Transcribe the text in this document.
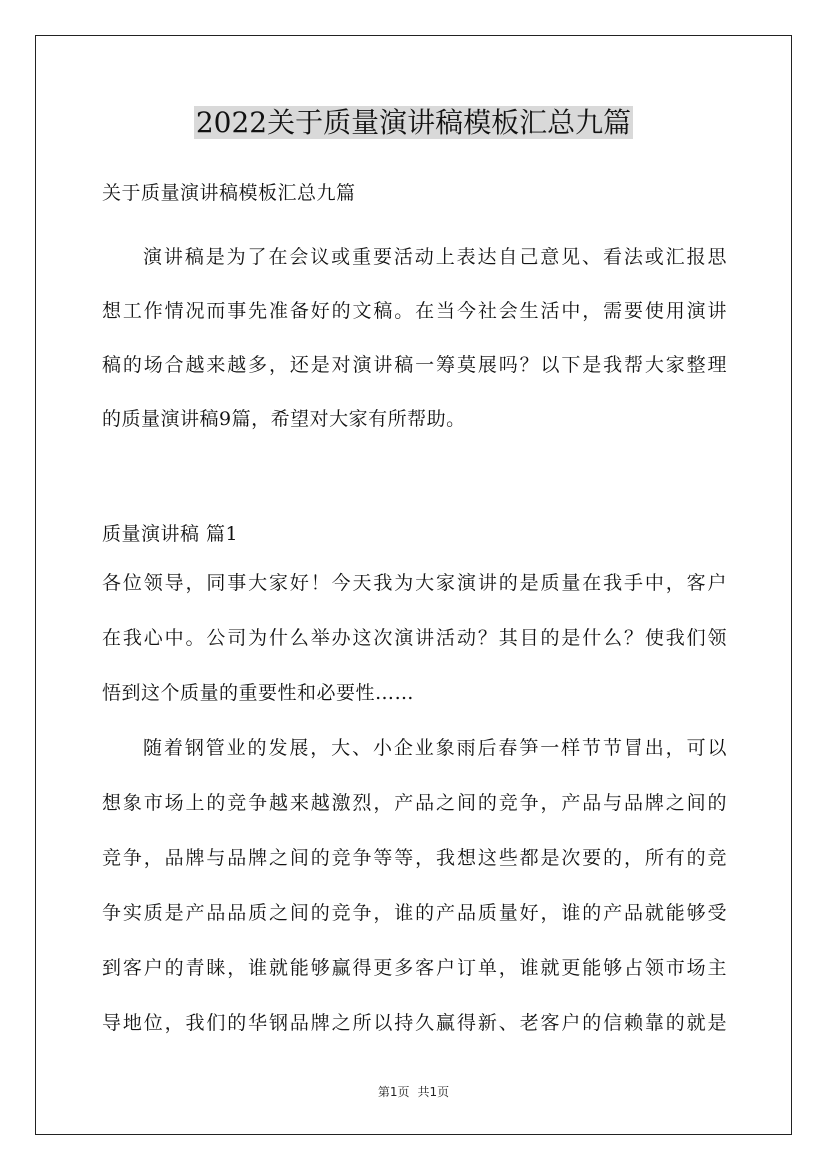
2022关于质量演讲稿模板汇总九篇
关于质量演讲稿模板汇总九篇
演讲稿是为了在会议或重要活动上表达自己意见、看法或汇报思
想工作情况而事先准备好的文稿。在当今社会生活中，需要使用演讲
稿的场合越来越多，还是对演讲稿一筹莫展吗？以下是我帮大家整理
的质量演讲稿9篇，希望对大家有所帮助。
质量演讲稿 篇1
各位领导，同事大家好！今天我为大家演讲的是质量在我手中，客户
在我心中。公司为什么举办这次演讲活动？其目的是什么？使我们领
悟到这个质量的重要性和必要性……
随着钢管业的发展，大、小企业象雨后春笋一样节节冒出，可以
想象市场上的竞争越来越激烈，产品之间的竞争，产品与品牌之间的
竞争，品牌与品牌之间的竞争等等，我想这些都是次要的，所有的竞
争实质是产品品质之间的竞争，谁的产品质量好，谁的产品就能够受
到客户的青睐，谁就能够赢得更多客户订单，谁就更能够占领市场主
导地位，我们的华钢品牌之所以持久赢得新、老客户的信赖靠的就是
第1页 共1页
